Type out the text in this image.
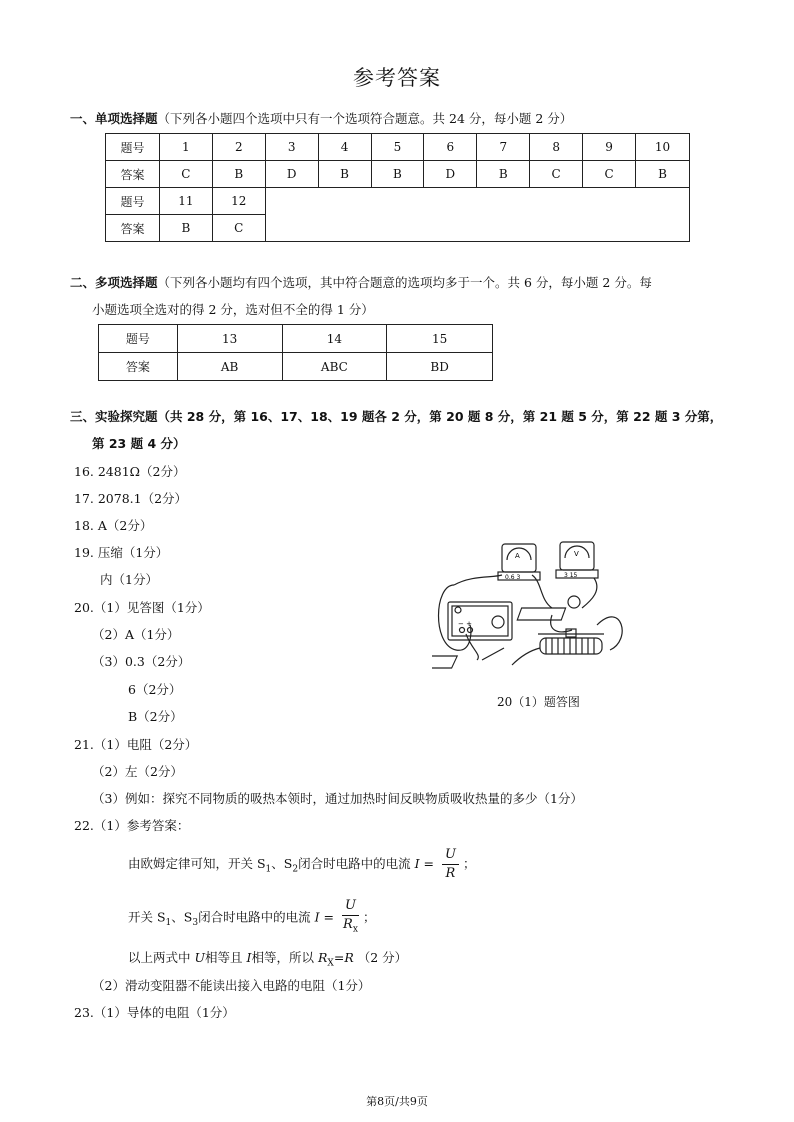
参考答案
一、单项选择题（下列各小题四个选项中只有一个选项符合题意。共 24 分，每小题 2 分）
题号	1	2	3	4	5	6	7	8	9	10
答案	C	B	D	B	B	D	B	C	C	B
题号	11	12								
答案	B	C								
二、多项选择题（下列各小题均有四个选项，其中符合题意的选项均多于一个。共 6 分，每小题 2 分。每
小题选项全选对的得 2 分，选对但不全的得 1 分）
题号	13	14	15
答案	AB	ABC	BD
三、实验探究题（共 28 分，第 16、17、18、19 题各 2 分，第 20 题 8 分，第 21 题 5 分，第 22 题 3 分第，
第 23 题 4 分）
16. 2481Ω（2分）
17. 2078.1（2分）
18. A（2分）
19. 压缩（1分）
内（1分）
20.（1）见答图（1分）
（2）A（1分）
（3）0.3（2分）
6（2分）
B（2分）
A	V
0.6 3	3 15
− +
20（1）题答图
21.（1）电阻（2分）
（2）左（2分）
（3）例如：探究不同物质的吸热本领时，通过加热时间反映物质吸收热量的多少（1分）
22.（1）参考答案：
由欧姆定律可知，开关 $S_1$、$S_2$闭合时电路中的电流 $I = \frac{U}{R}$ ；
开关 $S_1$、$S_3$闭合时电路中的电流 $I = \frac{U}{R_x}$ ；
以上两式中 U相等且 I相等，所以 $R_X=R$ （2 分）
（2）滑动变阻器不能读出接入电路的电阻（1分）
23.（1）导体的电阻（1分）
第8页/共9页
